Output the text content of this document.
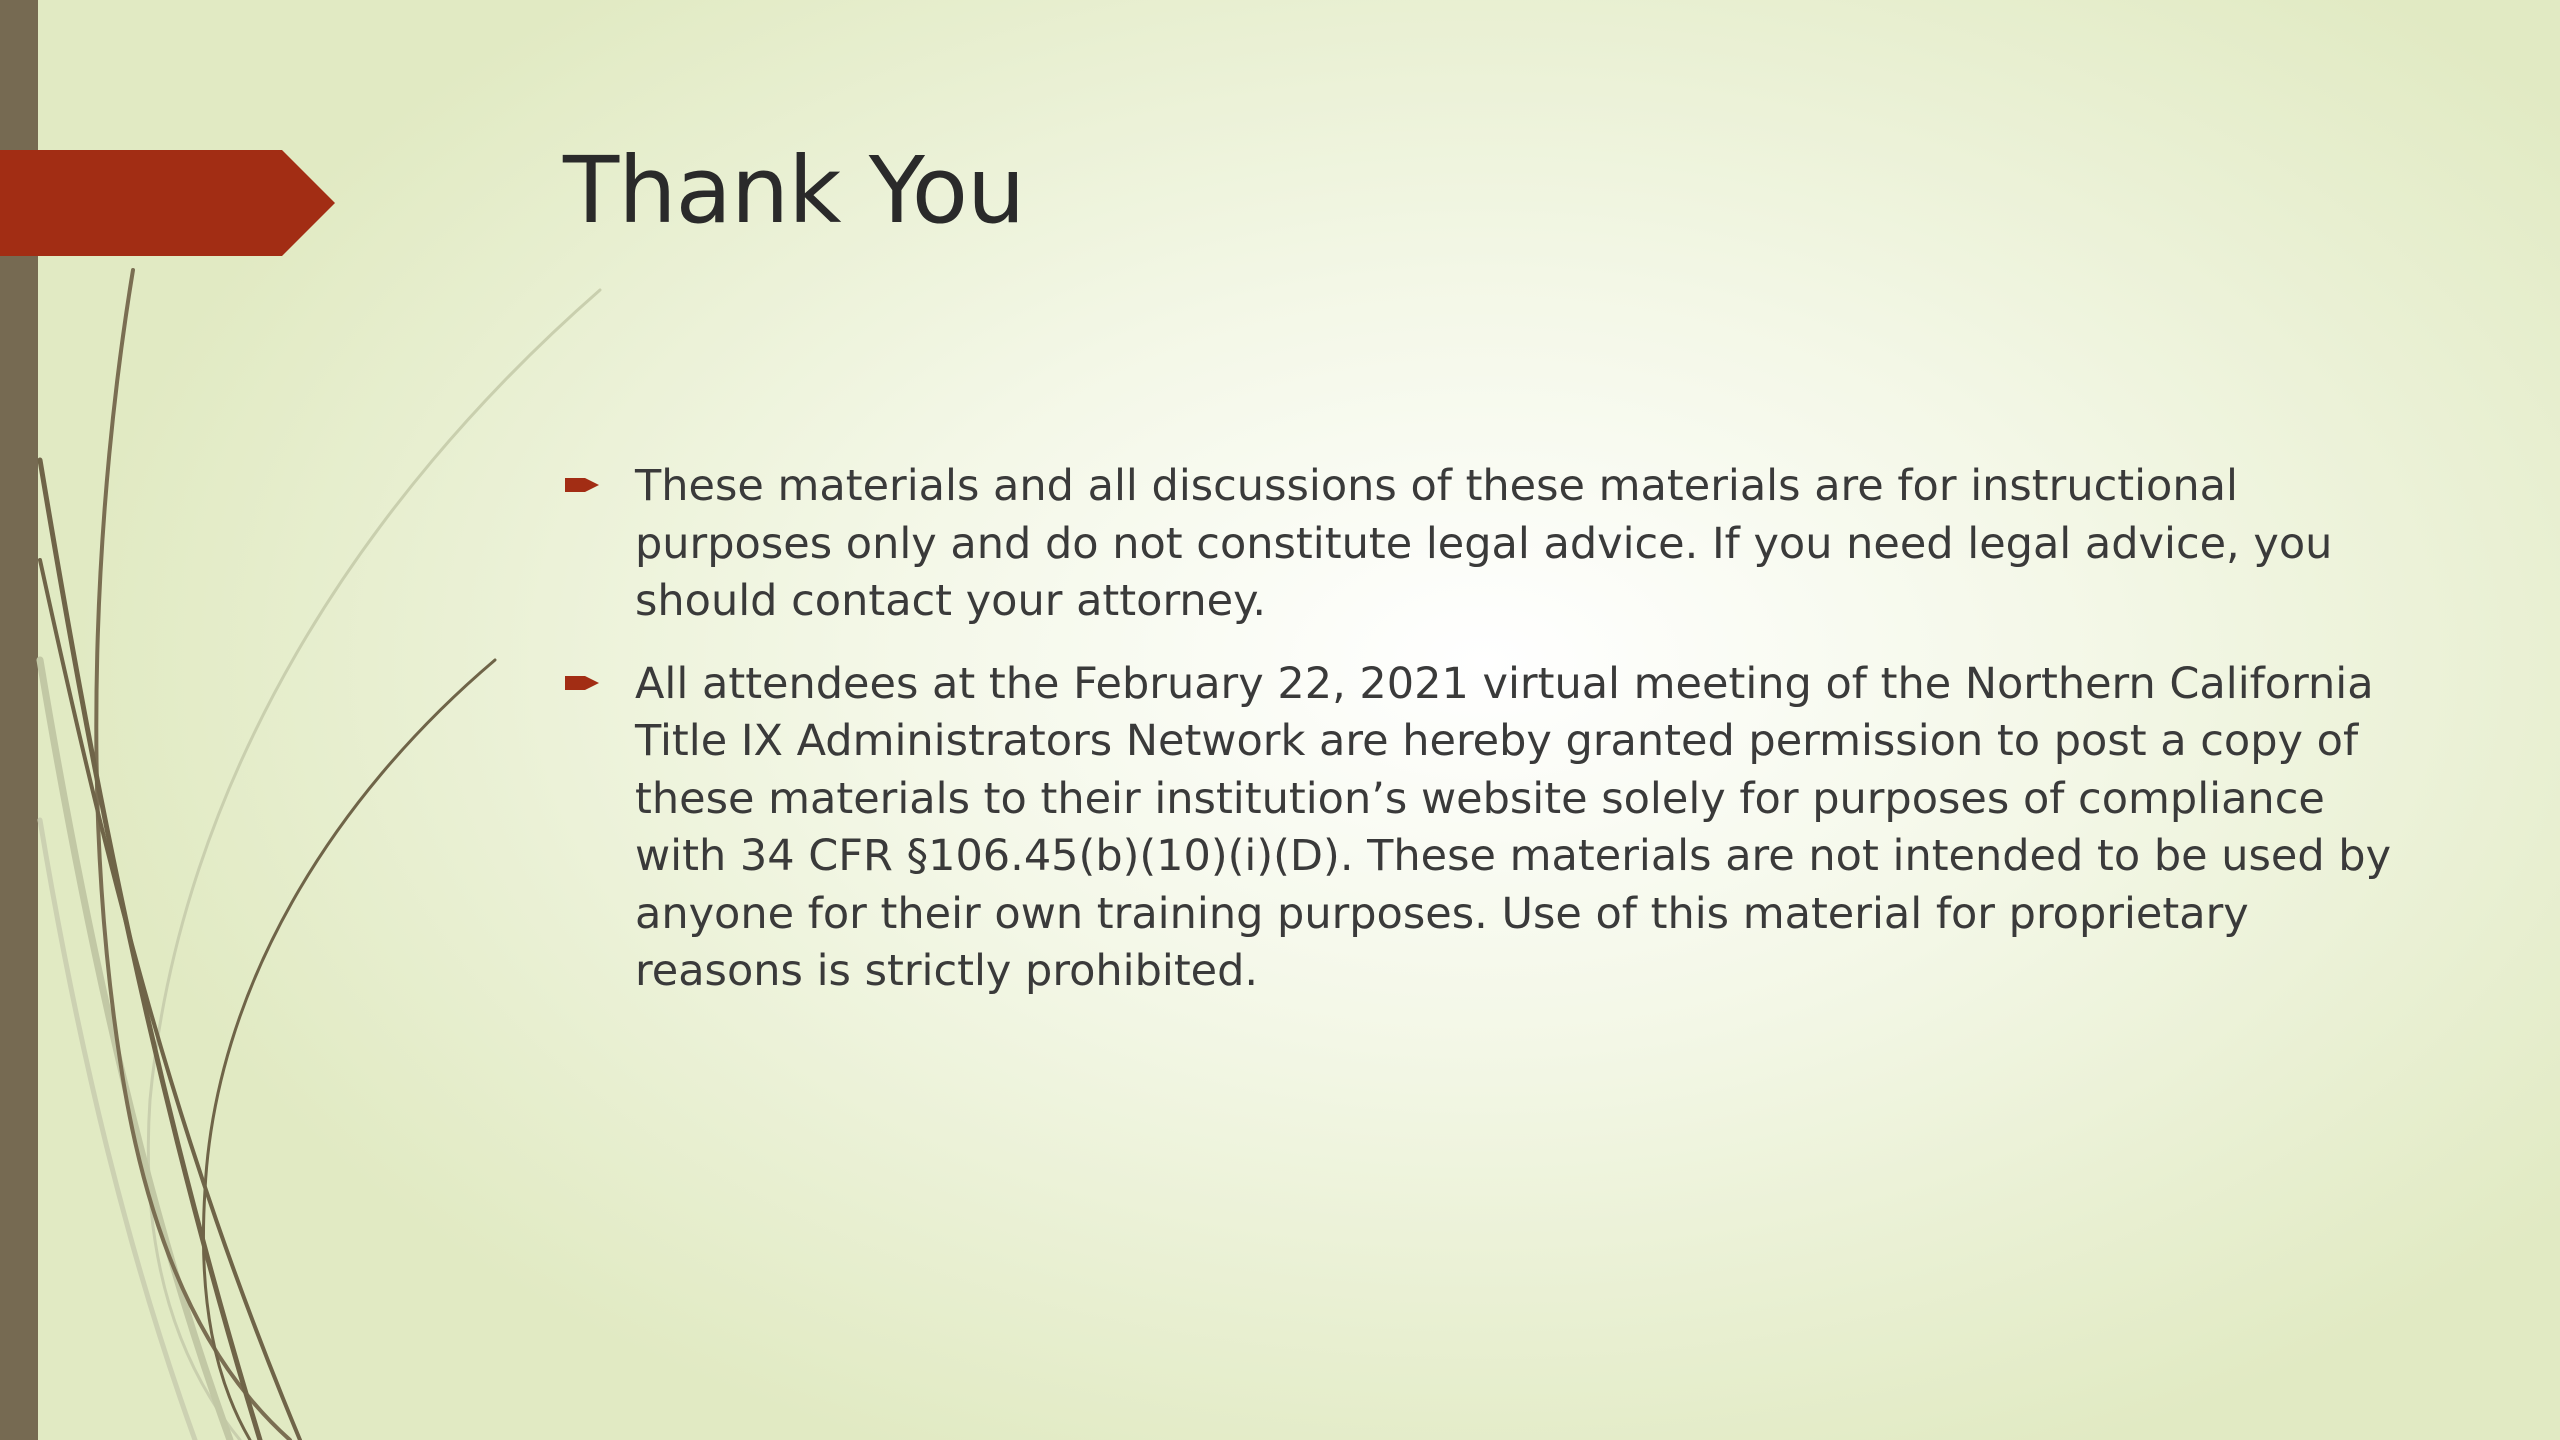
Thank You
These materials and all discussions of these materials are for instructional purposes only and do not constitute legal advice. If you need legal advice, you should contact your attorney.
All attendees at the February 22, 2021 virtual meeting of the Northern California Title IX Administrators Network are hereby granted permission to post a copy of these materials to their institution’s website solely for purposes of compliance with 34 CFR §106.45(b)(10)(i)(D). These materials are not intended to be used by anyone for their own training purposes. Use of this material for proprietary reasons is strictly prohibited.
